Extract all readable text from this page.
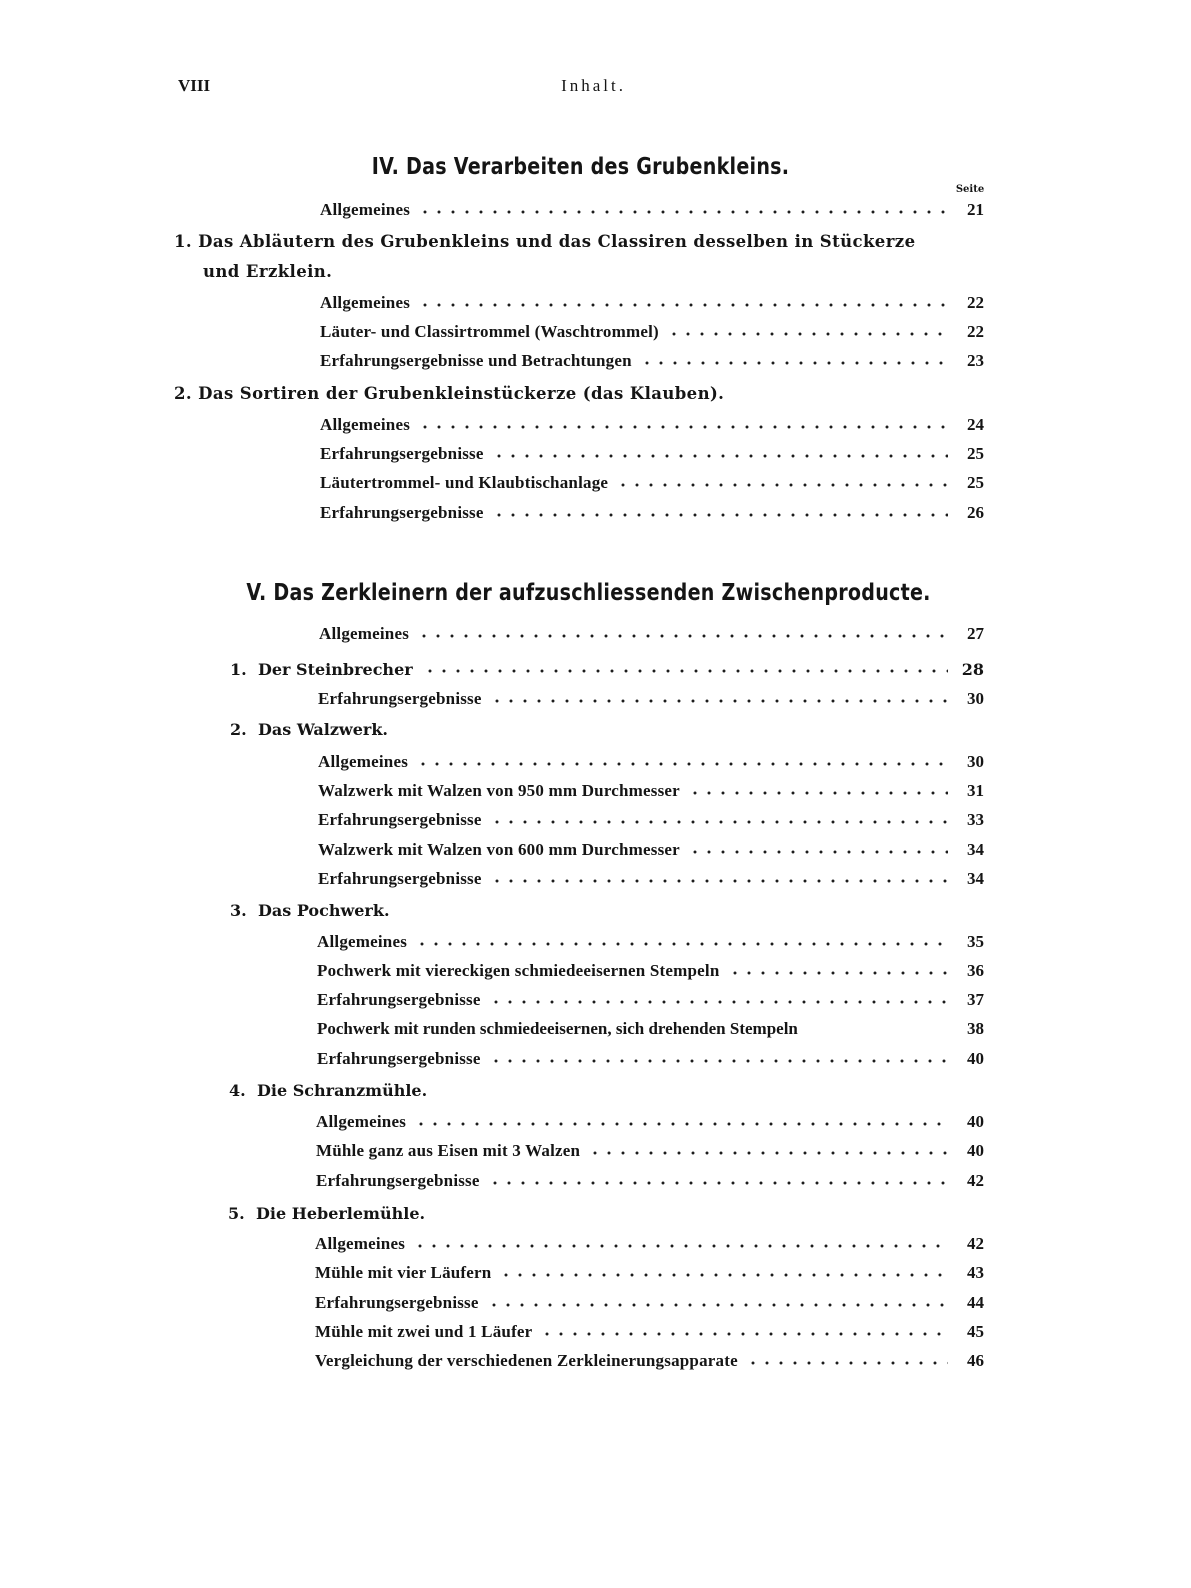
VIII	Inhalt.
IV. Das Verarbeiten des Grubenkleins.
Seite
Allgemeines	21
1. Das Abläutern des Grubenkleins und das Classiren desselben in Stückerze
und Erzklein.
Allgemeines	22
Läuter- und Classirtrommel (Waschtrommel)	22
Erfahrungsergebnisse und Betrachtungen	23
2. Das Sortiren der Grubenkleinstückerze (das Klauben).
Allgemeines	24
Erfahrungsergebnisse	25
Läutertrommel- und Klaubtischanlage	25
Erfahrungsergebnisse	26
V. Das Zerkleinern der aufzuschliessenden Zwischenproducte.
Allgemeines	27
1. Der Steinbrecher	28
Erfahrungsergebnisse	30
2. Das Walzwerk.
Allgemeines	30
Walzwerk mit Walzen von 950 mm Durchmesser	31
Erfahrungsergebnisse	33
Walzwerk mit Walzen von 600 mm Durchmesser	34
Erfahrungsergebnisse	34
3. Das Pochwerk.
Allgemeines	35
Pochwerk mit viereckigen schmiedeeisernen Stempeln	36
Erfahrungsergebnisse	37
Pochwerk mit runden schmiedeeisernen, sich drehenden Stempeln	38
Erfahrungsergebnisse	40
4. Die Schranzmühle.
Allgemeines	40
Mühle ganz aus Eisen mit 3 Walzen	40
Erfahrungsergebnisse	42
5. Die Heberlemühle.
Allgemeines	42
Mühle mit vier Läufern	43
Erfahrungsergebnisse	44
Mühle mit zwei und 1 Läufer	45
Vergleichung der verschiedenen Zerkleinerungsapparate	46
